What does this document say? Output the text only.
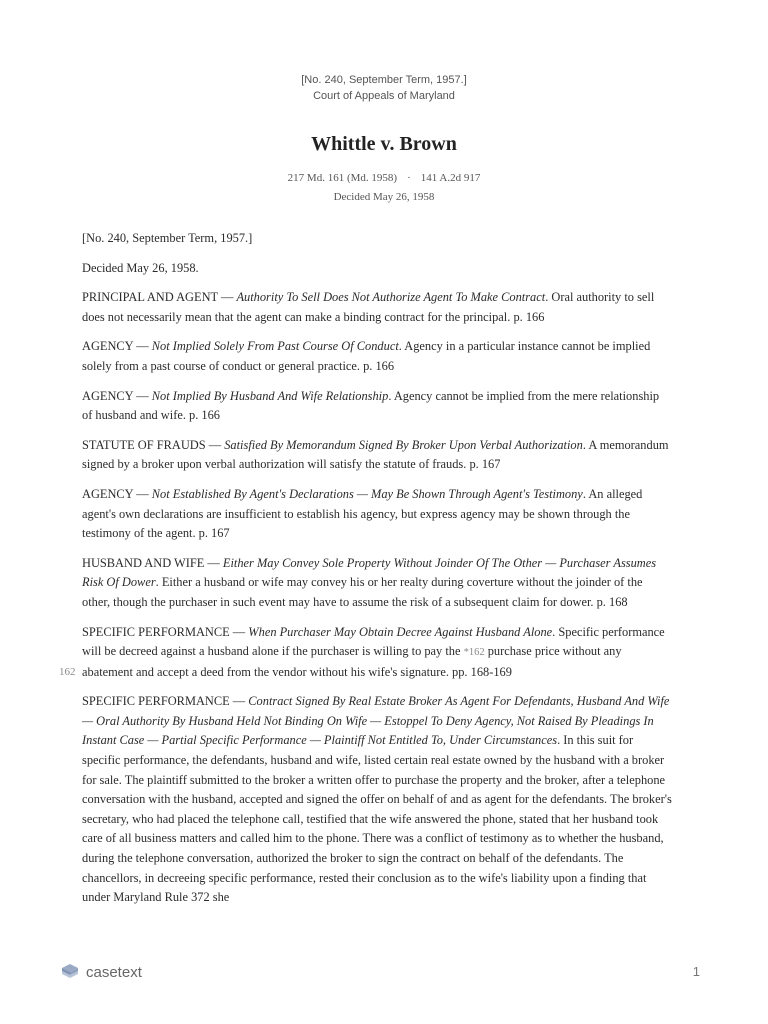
[No. 240, September Term, 1957.]
Court of Appeals of Maryland
Whittle v. Brown
217 Md. 161 (Md. 1958) · 141 A.2d 917
Decided May 26, 1958

[No. 240, September Term, 1957.]

Decided May 26, 1958.

PRINCIPAL AND AGENT — Authority To Sell Does Not Authorize Agent To Make Contract. Oral authority to sell does not necessarily mean that the agent can make a binding contract for the principal. p. 166

AGENCY — Not Implied Solely From Past Course Of Conduct. Agency in a particular instance cannot be implied solely from a past course of conduct or general practice. p. 166

AGENCY — Not Implied By Husband And Wife Relationship. Agency cannot be implied from the mere relationship of husband and wife. p. 166

STATUTE OF FRAUDS — Satisfied By Memorandum Signed By Broker Upon Verbal Authorization. A memorandum signed by a broker upon verbal authorization will satisfy the statute of frauds. p. 167

AGENCY — Not Established By Agent's Declarations — May Be Shown Through Agent's Testimony. An alleged agent's own declarations are insufficient to establish his agency, but express agency may be shown through the testimony of the agent. p. 167

HUSBAND AND WIFE — Either May Convey Sole Property Without Joinder Of The Other — Purchaser Assumes Risk Of Dower. Either a husband or wife may convey his or her realty during coverture without the joinder of the other, though the purchaser in such event may have to assume the risk of a subsequent claim for dower. p. 168

SPECIFIC PERFORMANCE — When Purchaser May Obtain Decree Against Husband Alone. Specific performance will be decreed against a husband alone if the purchaser is willing to pay the *162 purchase price without any abatement and accept a deed from the vendor without his wife's signature. pp. 168-169

SPECIFIC PERFORMANCE — Contract Signed By Real Estate Broker As Agent For Defendants, Husband And Wife — Oral Authority By Husband Held Not Binding On Wife — Estoppel To Deny Agency, Not Raised By Pleadings In Instant Case — Partial Specific Performance — Plaintiff Not Entitled To, Under Circumstances. In this suit for specific performance, the defendants, husband and wife, listed certain real estate owned by the husband with a broker for sale. The plaintiff submitted to the broker a written offer to purchase the property and the broker, after a telephone conversation with the husband, accepted and signed the offer on behalf of and as agent for the defendants. The broker's secretary, who had placed the telephone call, testified that the wife answered the phone, stated that her husband took care of all business matters and called him to the phone. There was a conflict of testimony as to whether the husband, during the telephone conversation, authorized the broker to sign the contract on behalf of the defendants. The chancellors, in decreeing specific performance, rested their conclusion as to the wife's liability upon a finding that under Maryland Rule 372 she

162
casetext	1
